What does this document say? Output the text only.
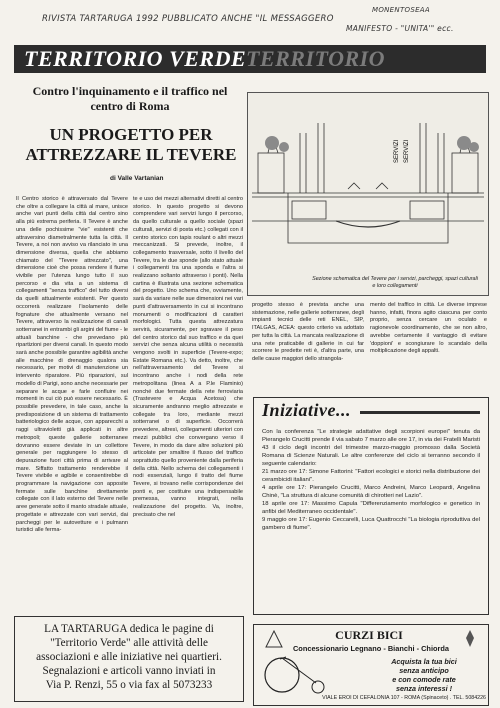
RIVISTA TARTARUGA 1992 PUBBLICATO ANCHE "IL MESSAGGERO
MONENTOSEAA
MANIFESTO - "UNITA'" ecc.
TERRITORIO
TERRITORIO VERDE
Contro l'inquinamento e il traffico nel centro di Roma
UN PROGETTO PER ATTREZZARE IL TEVERE
di Valle Vartanian

Il Centro storico è attraversato dal Tevere che oltre a collegare la città al mare, unisce anche vari punti della città dal centro sino alla più estrema periferia. Il Tevere è anche una delle pochissime "vie" esistenti che attraversino diametralmente tutta la città. Il Tevere, a noi non avviso va rilanciato in una dimensione diversa, quella che abbiamo chiamato del "Tevere attrezzato", una dimensione cioè che possa rendere il fiume vivibile per l'utenza lungo tutto il suo percorso e dia vita a un sistema di collegamenti "senza traffico" del tutto diversi da quelli attualmente esistenti. Per questo occorrerà realizzare l'isolamento delle fognature che attualmente versano nel Tevere, attraverso la realizzazione di canali sotterranei in entrambi gli argini del fiume - le attuali banchine - che prevedano più ripartizioni per diversi canali. In questo modo sarà anche possibile garantire agibilità anche alle macchine di drenaggio qualora sia necessario, per motivi di manutenzione un intervento riparatore. Più riparazioni, sul modello di Parigi, sono anche necessarie per separare le acque e farle confluire nei momenti in cui ciò può essere necessario. È possibile prevedere, in tale caso, anche la predisposizione di un sistema di trattamento batteriologico delle acque, con apparecchi a raggi ultravioletti già applicati in altre metropoli; queste gallerie sotterranee dovranno essere deviate in un collettore generale per raggiungere lo stesso di depurazione fuori città prima di arrivare al mare. Siffatto trattamento renderebbe il Tevere vivibile e agibile e consentirebbe di programmare la navigazione con apposite fermate sulle banchine direttamente collegate con il lato esterno del Tevere nelle aree generate sotto il manto stradale attuale, progettate e attrezzate con vari servizi, dai parcheggi per le autovetture e i pulmann turistici alle ferma-

te e uso dei mezzi alternativi diretti al centro storico. In questo progetto si devono comprendere vari servizi lungo il percorso, da quello culturale a quello sociale (spazi culturali, servizi di posta etc.) collegati con il centro storico con tapis roulant o altri mezzi meccanizzati. Si prevede, inoltre, il collegamento trasversale, sotto il livello del Tevere, tra le due sponde (allo stato attuale i collegamenti tra una sponda e l'altra si realizzano soltanto attraverso i ponti). Nella cartina è illustrata una sezione schematica del progetto. Uno schema che, ovviamente, sarà da variare nelle sue dimensioni nei vari punti d'attraversamento in cui si incontrano monumenti o modificazioni di caratteri morfologici. Tutta questa attrezzatura servirà, sicuramente, per sgravare il peso del centro storico dal suo traffico e da quei servizi che senza alcuna utilità o necessità vengono svolti in superficie (Tevere-expo; Estate Romana etc.). Va detto, inoltre, che nell'attraversamento del Tevere si incontrano anche i nodi della rete metropolitana (linea A a P.le Flaminio) nonché due fermate della rete ferroviaria (Trastevere e Acqua Acetosa) che sicuramente andranno meglio attrezzate e collegate tra loro, mediante mezzi sotterranei o di superficie. Occorrerà prevedere, altresì, collegamenti ulteriori con mezzi pubblici che convergano verso il Tevere, in modo da dare altre soluzioni più articolate per smaltire il flusso del traffico soprattutto quello proveniente dalla periferia della città. Nello schema dei collegamenti i nodi essenziali, lungo il tratto del fiume Tevere, si trovano nelle corrispondenze dei ponti e, per costituire una indispensabile premessa, vanno integrati, nella realizzazione del progetto. Va, inoltre, precisato che nel

progetto stesso è prevista anche una sistemazione, nelle gallerie sotterranee, degli impianti tecnici delle reti ENEL, SIP, ITALGAS, ACEA: questo criterio va adottato per tutta la città. La mancata realizzazione di una rete praticabile di gallerie in cui far scorrere le predette reti è, d'altra parte, una delle cause maggiori dello strangola-

mento del traffico in città. Le diverse imprese hanno, infatti, finora agito ciascuna per conto proprio, senza cercare un oculato e ragionevole coordinamento, che se non altro, avrebbe certamente il vantaggio di evitare 'doppioni' e scongiurare lo scandalo della moltiplicazione degli appalti.

SERVIZI SERVIZI
Sezione schematica del Tevere per i servizi, parcheggi, spazi culturali e loro collegamenti
Iniziative...

Con la conferenza "Le strategie adattative degli scorpioni europei" tenuta da Pierangelo Crucitti prende il via sabato 7 marzo alle ore 17, in via dei Fratelli Maristi 43 il ciclo degli incontri del trimestre marzo-maggio promosso dalla Società Romana di Scienze Naturali. Le altre conferenze del ciclo si terranno secondo il seguente calendario:

21 marzo ore 17: Simone Fattorini: "Fattori ecologici e storici nella distribuzione dei cerambicidi italiani".

4 aprile ore 17: Pierangelo Crucitti, Marco Andreini, Marco Leopardi, Angelina Chinè, "La struttura di alcune comunità di chirotteri nel Lazio".

18 aprile ore 17: Massimo Capula "Differenziamento morfologico e genetico in anfibi del Mediterraneo occidentale".

9 maggio ore 17: Eugenio Ceccarelli, Luca Quattrocchi "La biologia riproduttiva del gambero di fiume".

CURZI BICI
Concessionario Legnano - Bianchi - Chiorda
Acquista la tua bici
senza anticipo
e con comode rate
senza interessi !
VIALE EROI DI CEFALONIA 107 - ROMA (Spinaceto) . TEL. 5084226
LA TARTARUGA dedica le pagine di
"Territorio Verde" alle attività delle
associazioni e alle iniziative nei quartieri.
Segnalazioni e articoli vanno inviati in
Via P. Renzi, 55 o via fax al 5073233
